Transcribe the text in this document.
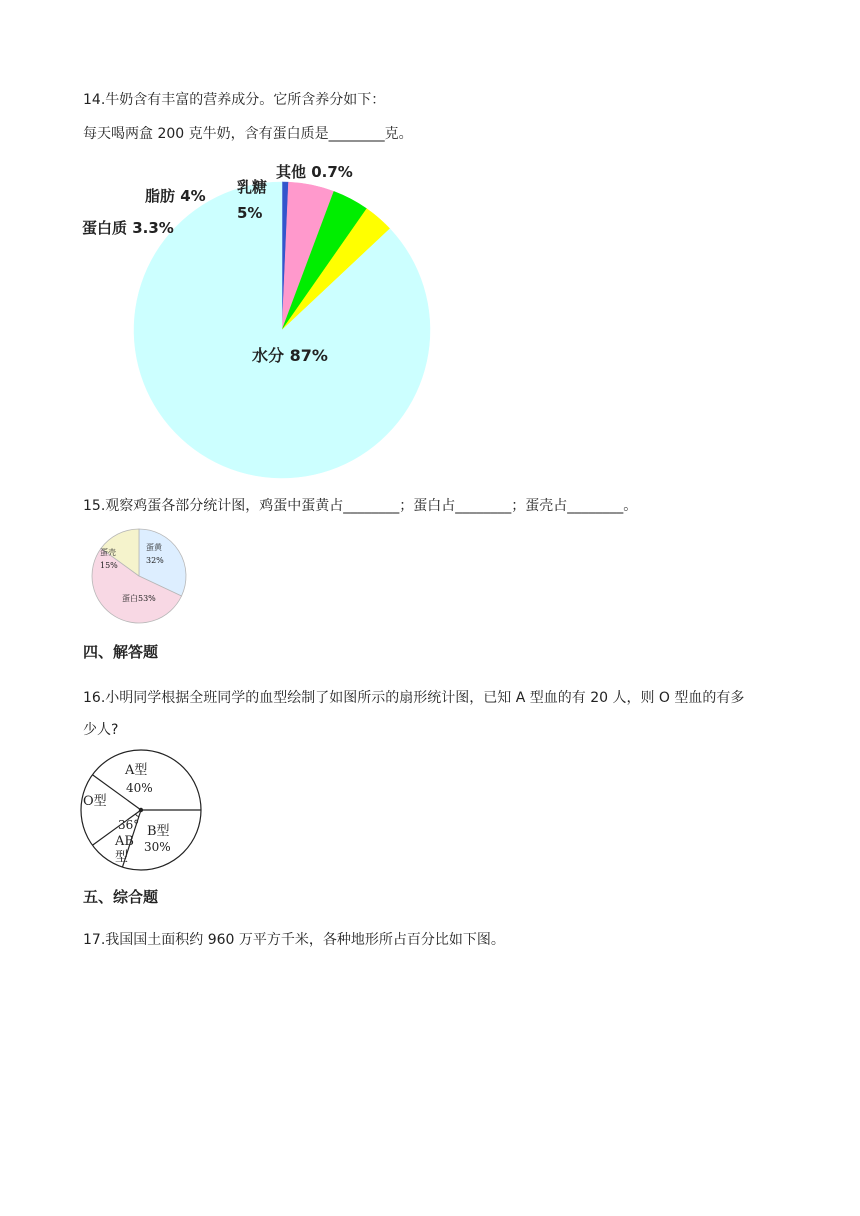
14.牛奶含有丰富的营养成分。它所含养分如下：
每天喝两盒 200 克牛奶，含有蛋白质是________克。
其他 0.7%
乳糖
脂肪 4%
蛋白质 3.3%
水分 87%
5%
15.观察鸡蛋各部分统计图，鸡蛋中蛋黄占________；蛋白占________；蛋壳占________。
蛋黄
32%
蛋白53%
蛋壳
15%
四、解答题
16.小明同学根据全班同学的血型绘制了如图所示的扇形统计图，已知 A 型血的有 20 人，则 O 型血的有多
少人?
A型
40%
B型
30%
O型
36°
AB
型
五、综合题
17.我国国土面积约 960 万平方千米，各种地形所占百分比如下图。
